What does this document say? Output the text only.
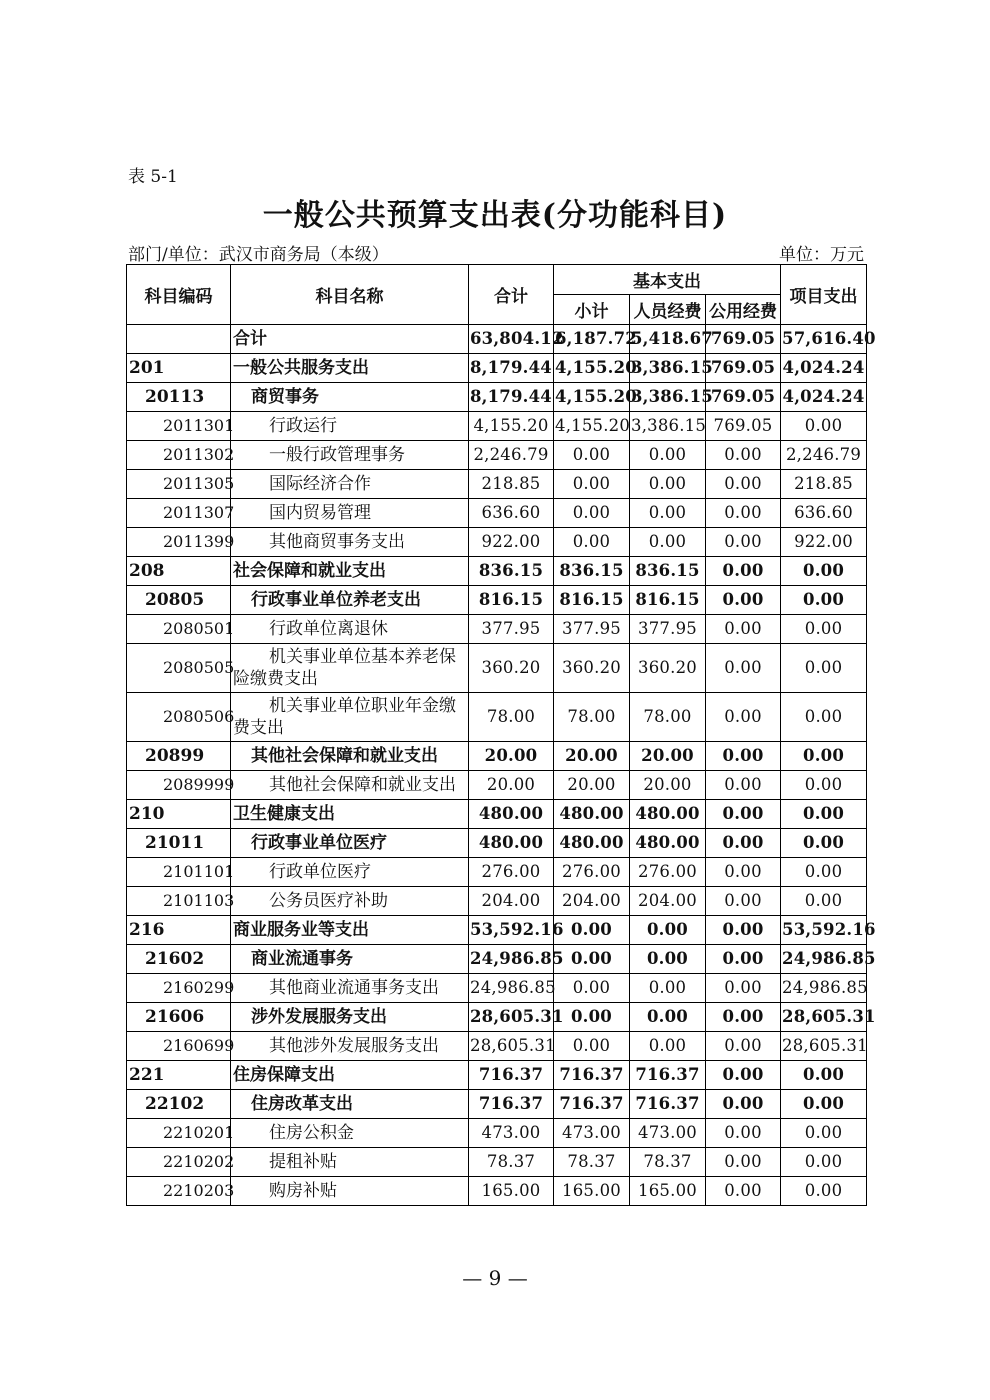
表 5-1
一般公共预算支出表(分功能科目)
部门/单位：武汉市商务局（本级）	单位：万元
科目编码	科目名称	合计	基本支出			项目支出
			小计	人员经费	公用经费	
	合计	63,804.12	6,187.72	5,418.67	769.05	57,616.40
201	一般公共服务支出	8,179.44	4,155.20	3,386.15	769.05	4,024.24
20113	商贸事务	8,179.44	4,155.20	3,386.15	769.05	4,024.24
2011301	行政运行	4,155.20	4,155.20	3,386.15	769.05	0.00
2011302	一般行政管理事务	2,246.79	0.00	0.00	0.00	2,246.79
2011305	国际经济合作	218.85	0.00	0.00	0.00	218.85
2011307	国内贸易管理	636.60	0.00	0.00	0.00	636.60
2011399	其他商贸事务支出	922.00	0.00	0.00	0.00	922.00
208	社会保障和就业支出	836.15	836.15	836.15	0.00	0.00
20805	行政事业单位养老支出	816.15	816.15	816.15	0.00	0.00
2080501	行政单位离退休	377.95	377.95	377.95	0.00	0.00
2080505	机关事业单位基本养老保险缴费支出	360.20	360.20	360.20	0.00	0.00
2080506	机关事业单位职业年金缴费支出	78.00	78.00	78.00	0.00	0.00
20899	其他社会保障和就业支出	20.00	20.00	20.00	0.00	0.00
2089999	其他社会保障和就业支出	20.00	20.00	20.00	0.00	0.00
210	卫生健康支出	480.00	480.00	480.00	0.00	0.00
21011	行政事业单位医疗	480.00	480.00	480.00	0.00	0.00
2101101	行政单位医疗	276.00	276.00	276.00	0.00	0.00
2101103	公务员医疗补助	204.00	204.00	204.00	0.00	0.00
216	商业服务业等支出	53,592.16	0.00	0.00	0.00	53,592.16
21602	商业流通事务	24,986.85	0.00	0.00	0.00	24,986.85
2160299	其他商业流通事务支出	24,986.85	0.00	0.00	0.00	24,986.85
21606	涉外发展服务支出	28,605.31	0.00	0.00	0.00	28,605.31
2160699	其他涉外发展服务支出	28,605.31	0.00	0.00	0.00	28,605.31
221	住房保障支出	716.37	716.37	716.37	0.00	0.00
22102	住房改革支出	716.37	716.37	716.37	0.00	0.00
2210201	住房公积金	473.00	473.00	473.00	0.00	0.00
2210202	提租补贴	78.37	78.37	78.37	0.00	0.00
2210203	购房补贴	165.00	165.00	165.00	0.00	0.00
— 9 —
